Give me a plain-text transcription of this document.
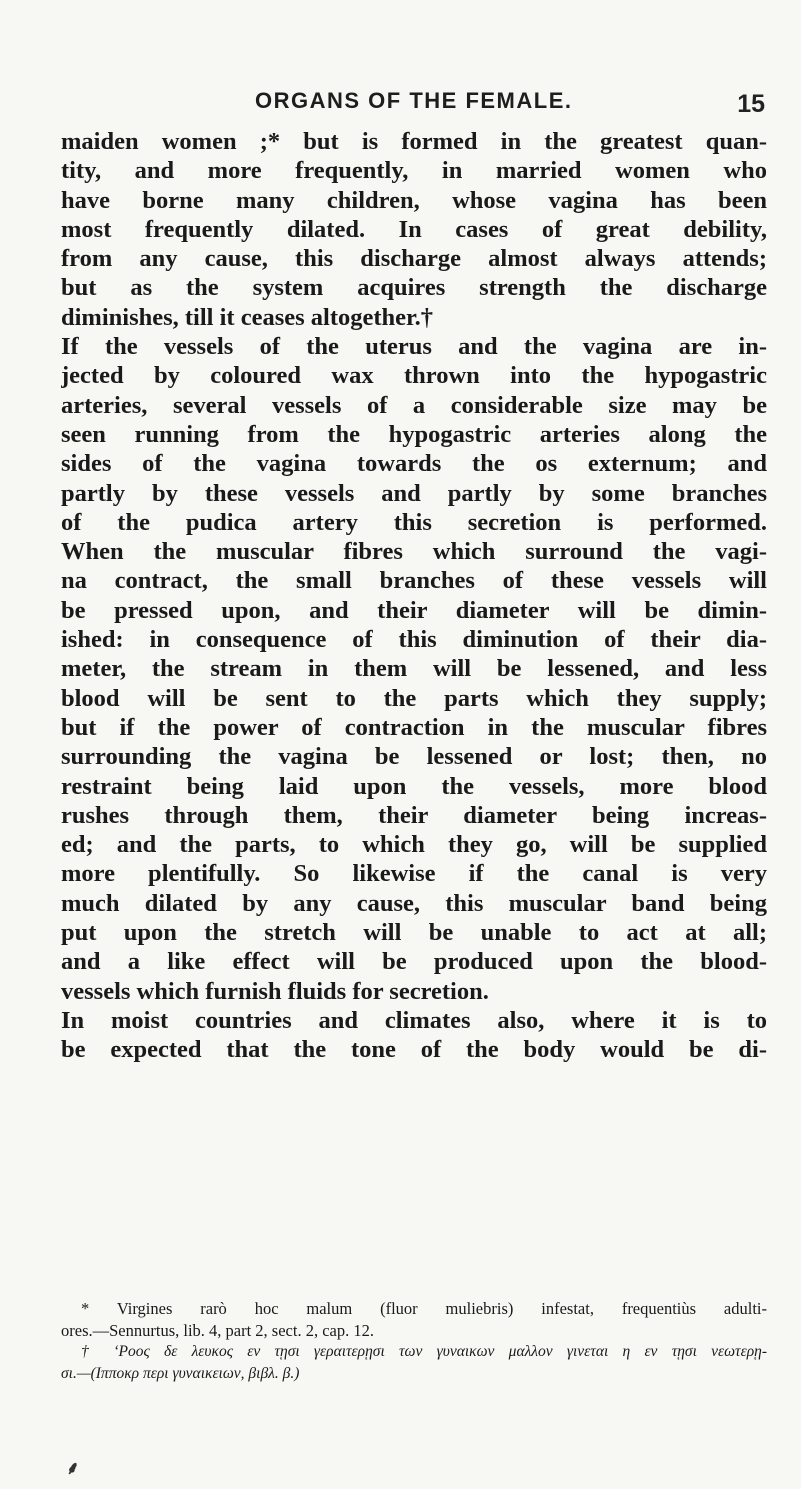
ORGANS OF THE FEMALE.	15
maiden women ;* but is formed in the greatest quan-
tity, and more frequently, in married women who
have borne many children, whose vagina has been
most frequently dilated. In cases of great debility,
from any cause, this discharge almost always attends;
but as the system acquires strength the discharge
diminishes, till it ceases altogether.†
If the vessels of the uterus and the vagina are in-
jected by coloured wax thrown into the hypogastric
arteries, several vessels of a considerable size may be
seen running from the hypogastric arteries along the
sides of the vagina towards the os externum; and
partly by these vessels and partly by some branches
of the pudica artery this secretion is performed.
When the muscular fibres which surround the vagi-
na contract, the small branches of these vessels will
be pressed upon, and their diameter will be dimin-
ished: in consequence of this diminution of their dia-
meter, the stream in them will be lessened, and less
blood will be sent to the parts which they supply;
but if the power of contraction in the muscular fibres
surrounding the vagina be lessened or lost; then, no
restraint being laid upon the vessels, more blood
rushes through them, their diameter being increas-
ed; and the parts, to which they go, will be supplied
more plentifully. So likewise if the canal is very
much dilated by any cause, this muscular band being
put upon the stretch will be unable to act at all;
and a like effect will be produced upon the blood-
vessels which furnish fluids for secretion.
In moist countries and climates also, where it is to
be expected that the tone of the body would be di-
* Virgines rarò hoc malum (fluor muliebris) infestat, frequentiùs adulti-
ores.—Sennurtus, lib. 4, part 2, sect. 2, cap. 12.
† ‘Ροος δε λευκος εν τῃσι γεραιτερῃσι των γυναικων μαλλον γινεται η εν τῃσι νεωτερῃ-
σι.—(Ιπποκρ περι γυναικειων, βιβλ. β.)
⸙
